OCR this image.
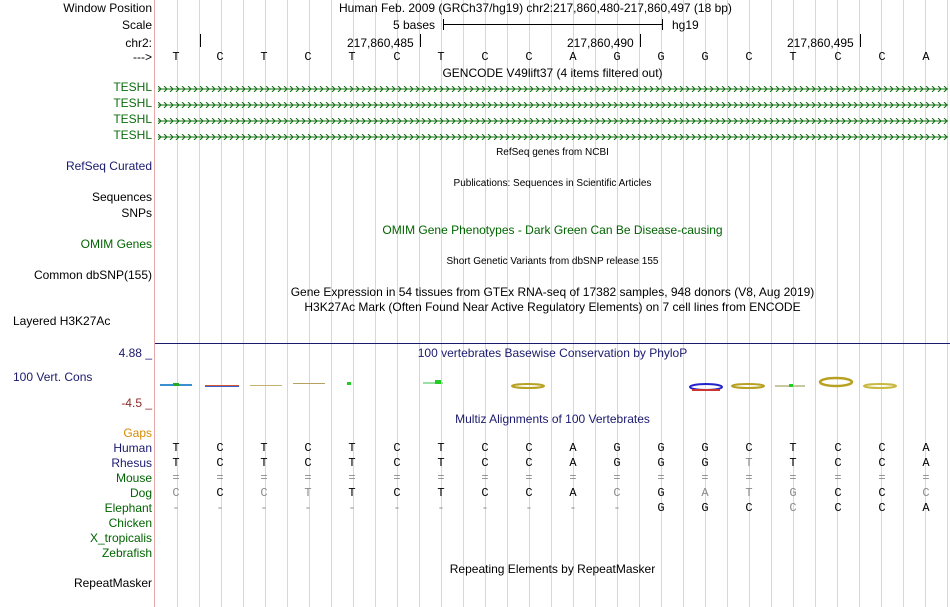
Window Position	Human Feb. 2009 (GRCh37/hg19) chr2:217,860,480-217,860,497 (18 bp)
Scale	5 bases	hg19
chr2:	217,860,485	217,860,490	217,860,495
--->	T	C	T	C	T	C	T	C	C	A	G	G	G	C	T	C	C	A
GENCODE V49lift37 (4 items filtered out)
TESHL
TESHL
TESHL
TESHL
RefSeq genes from NCBI
RefSeq Curated
Publications: Sequences in Scientific Articles
Sequences
SNPs
OMIM Gene Phenotypes - Dark Green Can Be Disease-causing
OMIM Genes
Short Genetic Variants from dbSNP release 155
Common dbSNP(155)
Gene Expression in 54 tissues from GTEx RNA-seq of 17382 samples, 948 donors (V8, Aug 2019)
H3K27Ac Mark (Often Found Near Active Regulatory Elements) on 7 cell lines from ENCODE
Layered H3K27Ac
4.88 _	100 vertebrates Basewise Conservation by PhyloP
100 Vert. Cons
-4.5 _
Multiz Alignments of 100 Vertebrates
Gaps
Human	T	C	T	C	T	C	T	C	C	A	G	G	G	C	T	C	C	A
Rhesus	T	C	T	C	T	C	T	C	C	A	G	G	G	T	T	C	C	A
Mouse	=	=	=	=	=	=	=	=	=	=	=	=	=	=	=	=	=	=
Dog	C	C	C	T	T	C	T	C	C	A	C	G	A	T	G	C	C	C
Elephant	-	-	-	-	-	-	-	-	-	-	-	G	G	C	C	C	C	A
Chicken
X_tropicalis
Zebrafish
Repeating Elements by RepeatMasker
RepeatMasker
